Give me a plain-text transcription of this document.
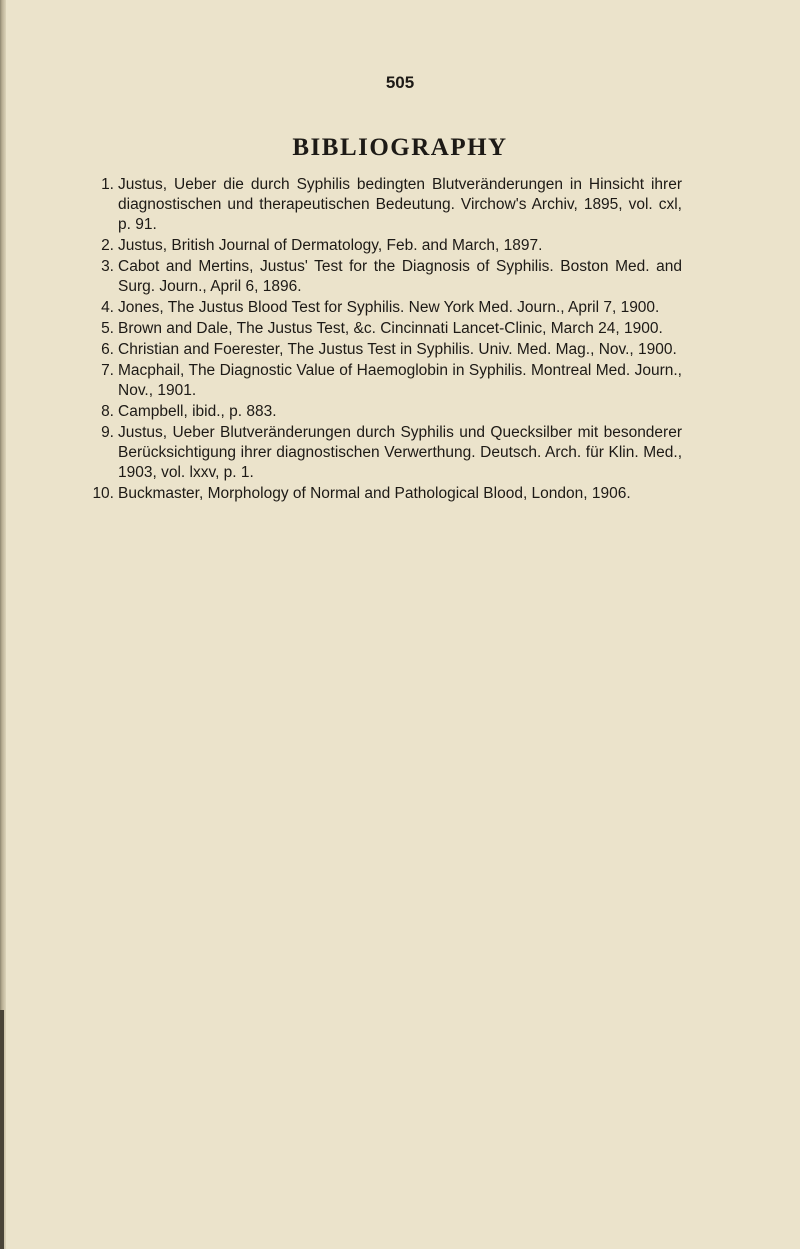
505
BIBLIOGRAPHY
1. Justus, Ueber die durch Syphilis bedingten Blutveränderungen in Hinsicht ihrer diagnostischen und therapeutischen Bedeutung. Virchow's Archiv, 1895, vol. cxl, p. 91.
2. Justus, British Journal of Dermatology, Feb. and March, 1897.
3. Cabot and Mertins, Justus' Test for the Diagnosis of Syphilis. Boston Med. and Surg. Journ., April 6, 1896.
4. Jones, The Justus Blood Test for Syphilis. New York Med. Journ., April 7, 1900.
5. Brown and Dale, The Justus Test, &c. Cincinnati Lancet-Clinic, March 24, 1900.
6. Christian and Foerester, The Justus Test in Syphilis. Univ. Med. Mag., Nov., 1900.
7. Macphail, The Diagnostic Value of Haemoglobin in Syphilis. Montreal Med. Journ., Nov., 1901.
8. Campbell, ibid., p. 883.
9. Justus, Ueber Blutveränderungen durch Syphilis und Quecksilber mit besonderer Berücksichtigung ihrer diagnostischen Verwerthung. Deutsch. Arch. für Klin. Med., 1903, vol. lxxv, p. 1.
10. Buckmaster, Morphology of Normal and Pathological Blood, London, 1906.
